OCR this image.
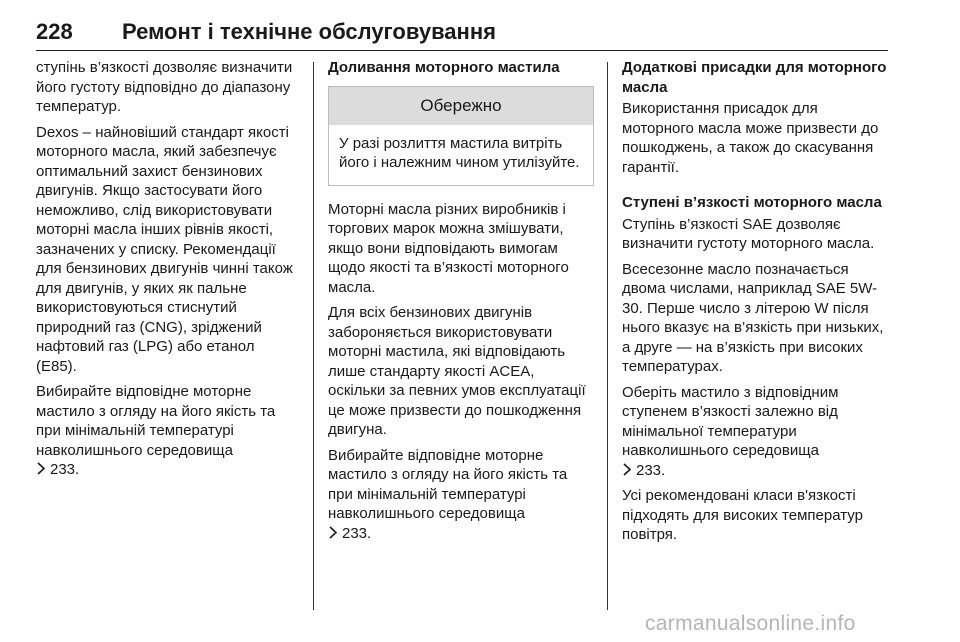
228 Ремонт і технічне обслуговування

ступінь в’язкості дозволяє визначити його густоту відповідно до діапазону температур.

Dexos – найновіший стандарт якості моторного масла, який забезпечує оптимальний захист бензинових двигунів. Якщо застосувати його неможливо, слід використовувати моторні масла інших рівнів якості, зазначених у списку. Рекомендації для бензинових двигунів чинні також для двигунів, у яких як пальне використовуються стиснутий природний газ (CNG), зріджений нафтовий газ (LPG) або етанол (E85).

Вибирайте відповідне моторне мастило з огляду на його якість та при мінімальній температурі навколишнього середовища
233.

Доливання моторного мастила
Обережно
У разі розлиття мастила витріть його і належним чином утилізуйте.

Моторні масла різних виробників і торгових марок можна змішувати, якщо вони відповідають вимогам щодо якості та в’язкості моторного масла.

Для всіх бензинових двигунів забороняється використовувати моторні мастила, які відповідають лише стандарту якості ACEA, оскільки за певних умов експлуатації це може призвести до пошкодження двигуна.

Вибирайте відповідне моторне мастило з огляду на його якість та при мінімальній температурі навколишнього середовища
233.

Додаткові присадки для моторного масла

Використання присадок для моторного масла може призвести до пошкоджень, а також до скасування гарантії.

Ступені в’язкості моторного масла

Ступінь в’язкості SAE дозволяє визначити густоту моторного масла.

Всесезонне масло позначається двома числами, наприклад SAE 5W-30. Перше число з літерою W після нього вказує на в’язкість при низьких, а друге — на в’язкість при високих температурах.

Оберіть мастило з відповідним ступенем в’язкості залежно від мінімальної температури навколишнього середовища
233.

Усі рекомендовані класи в'язкості підходять для високих температур повітря.

carmanualsonline.info
